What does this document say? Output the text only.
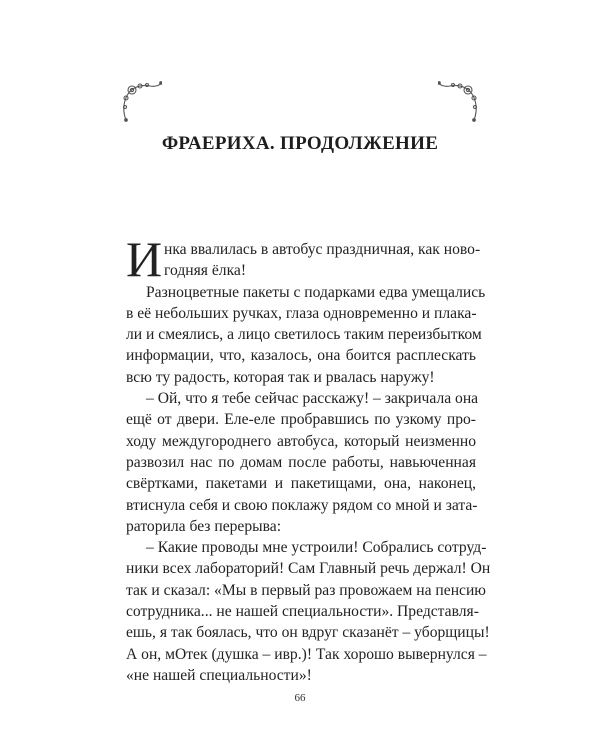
ФРАЕРИХА. ПРОДОЛЖЕНИЕ
И нка ввалилась в автобус праздничная, как ново-
годняя ёлка!
Разноцветные пакеты с подарками едва умещались
в её небольших ручках, глаза одновременно и плака-
ли и смеялись, а лицо светилось таким переизбытком
информации, что, казалось, она боится расплескать
всю ту радость, которая так и рвалась наружу!
– Ой, что я тебе сейчас расскажу! – закричала она
ещё от двери. Еле-еле пробравшись по узкому про-
ходу междугороднего автобуса, который неизменно
развозил нас по домам после работы, навьюченная
свёртками, пакетами и пакетищами, она, наконец,
втиснула себя и свою поклажу рядом со мной и зата-
раторила без перерыва:
– Какие проводы мне устроили! Собрались сотруд-
ники всех лабораторий! Сам Главный речь держал! Он
так и сказал: «Мы в первый раз провожаем на пенсию
сотрудника... не нашей специальности». Представля-
ешь, я так боялась, что он вдруг сказанёт – уборщицы!
А он, мОтек (душка – ивр.)! Так хорошо вывернулся –
«не нашей специальности»!
66
